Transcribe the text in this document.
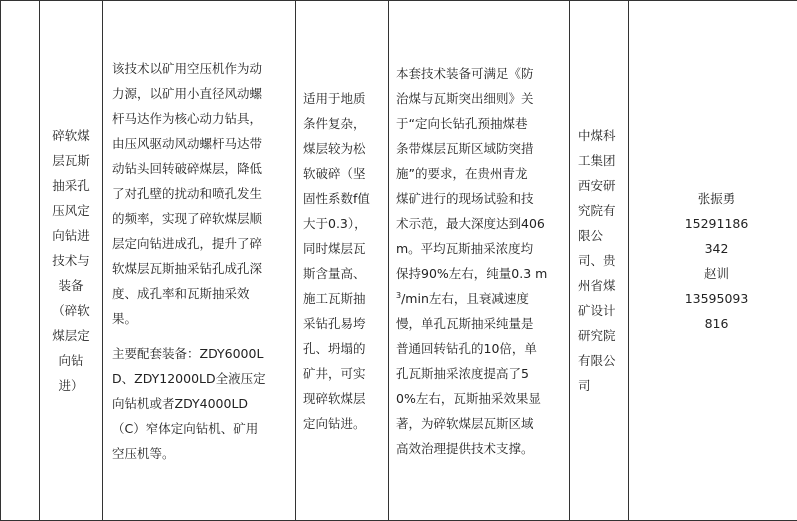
碎软煤
层瓦斯
抽采孔
压风定
向钻进
技术与
装备
（碎软
煤层定
向钻
进）

该技术以矿用空压机作为动
力源，以矿用小直径风动螺
杆马达作为核心动力钻具，
由压风驱动风动螺杆马达带
动钻头回转破碎煤层，降低
了对孔壁的扰动和喷孔发生
的频率，实现了碎软煤层顺
层定向钻进成孔，提升了碎
软煤层瓦斯抽采钻孔成孔深
度、成孔率和瓦斯抽采效
果。
主要配套装备：ZDY6000L
D、ZDY12000LD全液压定
向钻机或者ZDY4000LD
（C）窄体定向钻机、矿用
空压机等。

适用于地质
条件复杂，
煤层较为松
软破碎（坚
固性系数f值
大于0.3），
同时煤层瓦
斯含量高、
施工瓦斯抽
采钻孔易垮
孔、坍塌的
矿井，可实
现碎软煤层
定向钻进。

本套技术装备可满足《防
治煤与瓦斯突出细则》关
于“定向长钻孔预抽煤巷
条带煤层瓦斯区域防突措
施”的要求，在贵州青龙
煤矿进行的现场试验和技
术示范，最大深度达到406
m。平均瓦斯抽采浓度均
保持90%左右，纯量0.3 m
$^3$/min左右，且衰减速度
慢，单孔瓦斯抽采纯量是
普通回转钻孔的10倍，单
孔瓦斯抽采浓度提高了5
0%左右，瓦斯抽采效果显
著，为碎软煤层瓦斯区域
高效治理提供技术支撑。

中煤科
工集团
西安研
究院有
限公
司、贵
州省煤
矿设计
研究院
有限公
司

张振勇
15291186
342
赵训
13595093
816
